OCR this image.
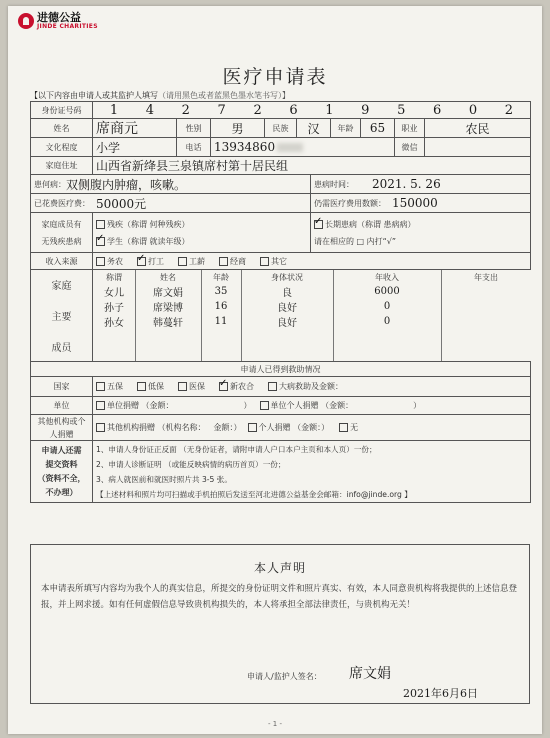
进德公益
JINDE CHARITIES
医疗申请表
【以下内容由申请人或其监护人填写（请用黑色或者蓝黑色墨水笔书写）】
身份证号码	1 4 2 7 2 6 1 9 5 6 0 2
姓名	席商元	性别	男	民族	汉	年龄	65	职业	农民
文化程度	小学	电话	13934860	微信
家庭住址	山西省新绛县三泉镇席村第十居民组
患何病： 双侧腹内肿瘤，咳嗽。	患病时间： 2021. 5. 26
已花费医疗费： 50000元	仍需医疗费用数额： 150000
家庭成员有
无残疾患病
残疾（称谓 何种残疾）
✓学生（称谓 就读年级）
✓长期患病（称谓 患病病）
请在相应的 □ 内打“√”
收入来源	务农 ✓	打工	工薪	经商	其它
家庭
主要
成员
称谓	姓名	年龄	身体状况	年收入	年支出
女儿	席文娟	35	良	6000
孙子	席梁博	16	良好	0
孙女	韩蔓轩	11	良好	0
申请人已得到救助情况
国家	五保	低保	医保 ✓	新农合	大病救助及金额：
单位	单位捐赠 （金额：	）	单位个人捐赠 （金额：	）
其他机构或个
人捐赠
其他机构捐赠 （机构名称： 金额：）	个人捐赠 （金额：）	无
申请人还需
提交资料
（资料不全，
不办理）
1、申请人身份证正反面 （无身份证者，请附申请人户口本户主页和本人页）一份；
2、申请人诊断证明 （或能反映病情的病历首页）一份；
3、病人就医前和就医时照片共 3-5 张。
【上述材料和照片均可扫描或手机拍照后发送至河北进德公益基金会邮箱：info@jinde.org 】
本人声明
本申请表所填写内容均为我个人的真实信息，所提交的身份证明文件和照片真实、有效，本人同意贵机构将我提供的上述信息登报，并上网求援。如有任何虚假信息导致贵机构损失的，本人将承担全部法律责任，与贵机构无关！
申请人/监护人签名： 席文娟
2021年6月6日
- 1 -
